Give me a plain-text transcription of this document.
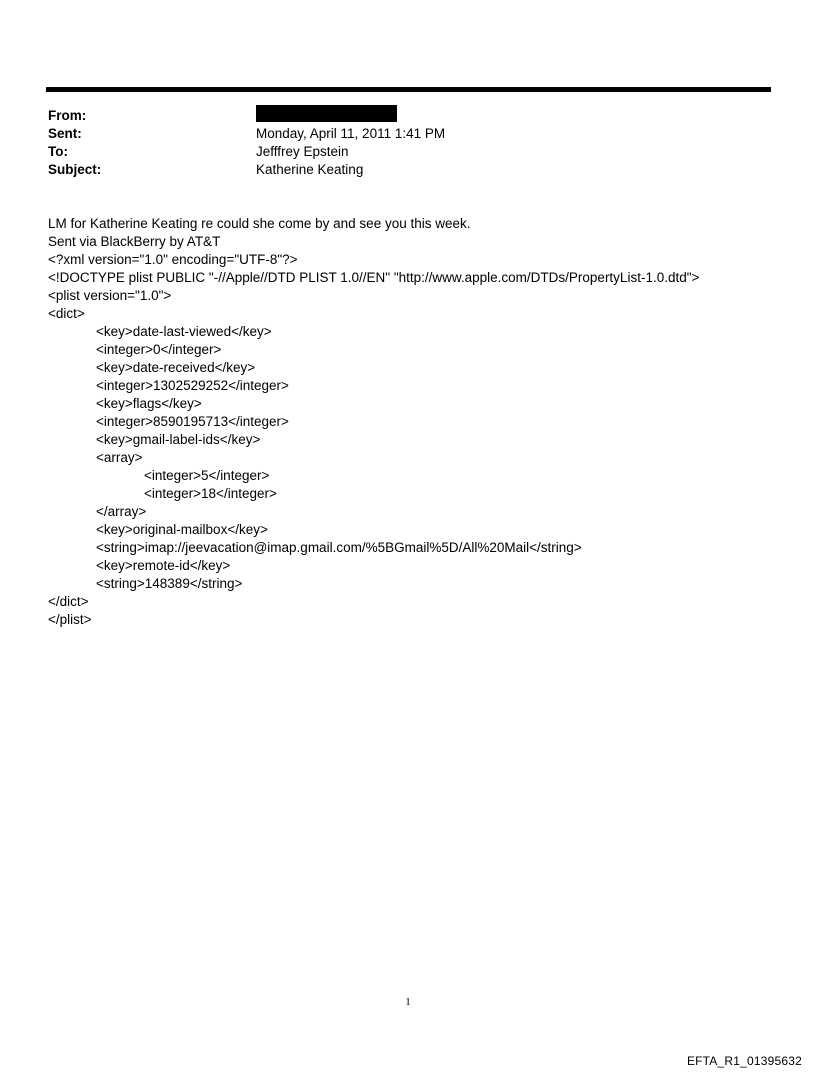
From:
Sent:	Monday, April 11, 2011 1:41 PM
To:	Jefffrey Epstein
Subject:	Katherine Keating
LM for Katherine Keating re could she come by and see you this week.
Sent via BlackBerry by AT&T
<?xml version="1.0" encoding="UTF-8"?>
<!DOCTYPE plist PUBLIC "-//Apple//DTD PLIST 1.0//EN" "http://www.apple.com/DTDs/PropertyList-1.0.dtd">
<plist version="1.0">
<dict>
<key>date-last-viewed</key>
<integer>0</integer>
<key>date-received</key>
<integer>1302529252</integer>
<key>flags</key>
<integer>8590195713</integer>
<key>gmail-label-ids</key>
<array>
<integer>5</integer>
<integer>18</integer>
</array>
<key>original-mailbox</key>
<string>imap://jeevacation@imap.gmail.com/%5BGmail%5D/All%20Mail</string>
<key>remote-id</key>
<string>148389</string>
</dict>
</plist>
1
EFTA_R1_01395632
